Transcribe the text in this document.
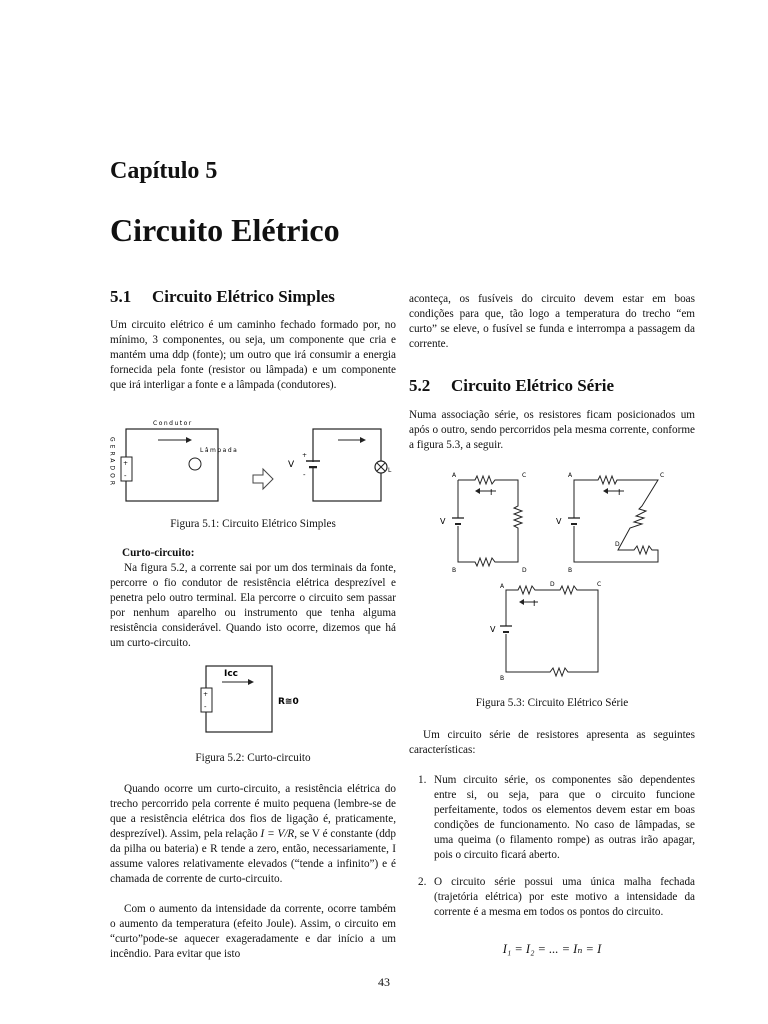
Capítulo 5
Circuito Elétrico
5.1 Circuito Elétrico Simples
Um circuito elétrico é um caminho fechado formado por, no mínimo, 3 componentes, ou seja, um componente que cria e mantém uma ddp (fonte); um outro que irá consumir a energia fornecida pela fonte (resistor ou lâmpada) e um componente que irá interligar a fonte e a lâmpada (condutores).
Condutor
GERADOR +
-
Lâmpada
V
+
-
L
Figura 5.1: Circuito Elétrico Simples
Curto-circuito:
Na figura 5.2, a corrente sai por um dos terminais da fonte, percorre o fio condutor de resistência elétrica desprezível e penetra pelo outro terminal. Ela percorre o circuito sem passar por nenhum aparelho ou instrumento que tenha alguma resistência considerável. Quando isto ocorre, dizemos que há um curto-circuito.
Icc
+
-	R≅0
Figura 5.2: Curto-circuito
Quando ocorre um curto-circuito, a resistência elétrica do trecho percorrido pela corrente é muito pequena (lembre-se de que a resistência elétrica dos fios de ligação é, praticamente, desprezível). Assim, pela relação I = V/R, se V é constante (ddp da pilha ou bateria) e R tende a zero, então, necessariamente, I assume valores relativamente elevados (“tende a infinito”) e é chamada de corrente de curto-circuito.
Com o aumento da intensidade da corrente, ocorre também o aumento da temperatura (efeito Joule). Assim, o circuito em “curto”pode-se aquecer exageradamente e dar início a um incêndio. Para evitar que isto
aconteça, os fusíveis do circuito devem estar em boas condições para que, tão logo a temperatura do trecho “em curto” se eleve, o fusível se funda e interrompa a passagem da corrente.
5.2 Circuito Elétrico Série
Numa associação série, os resistores ficam posicionados um após o outro, sendo percorridos pela mesma corrente, conforme a figura 5.3, a seguir.
A	C
B	D
V
I
A	C
B
D
V
I
A	D	C
B
V
I
Figura 5.3: Circuito Elétrico Série
Um circuito série de resistores apresenta as seguintes características:
1. Num circuito série, os componentes são dependentes entre si, ou seja, para que o circuito funcione perfeitamente, todos os elementos devem estar em boas condições de funcionamento. No caso de lâmpadas, se uma queima (o filamento rompe) as outras irão apagar, pois o circuito ficará aberto.
2. O circuito série possui uma única malha fechada (trajetória elétrica) por este motivo a intensidade da corrente é a mesma em todos os pontos do circuito.
I₁ = I₂ = ... = Iₙ = I
43
